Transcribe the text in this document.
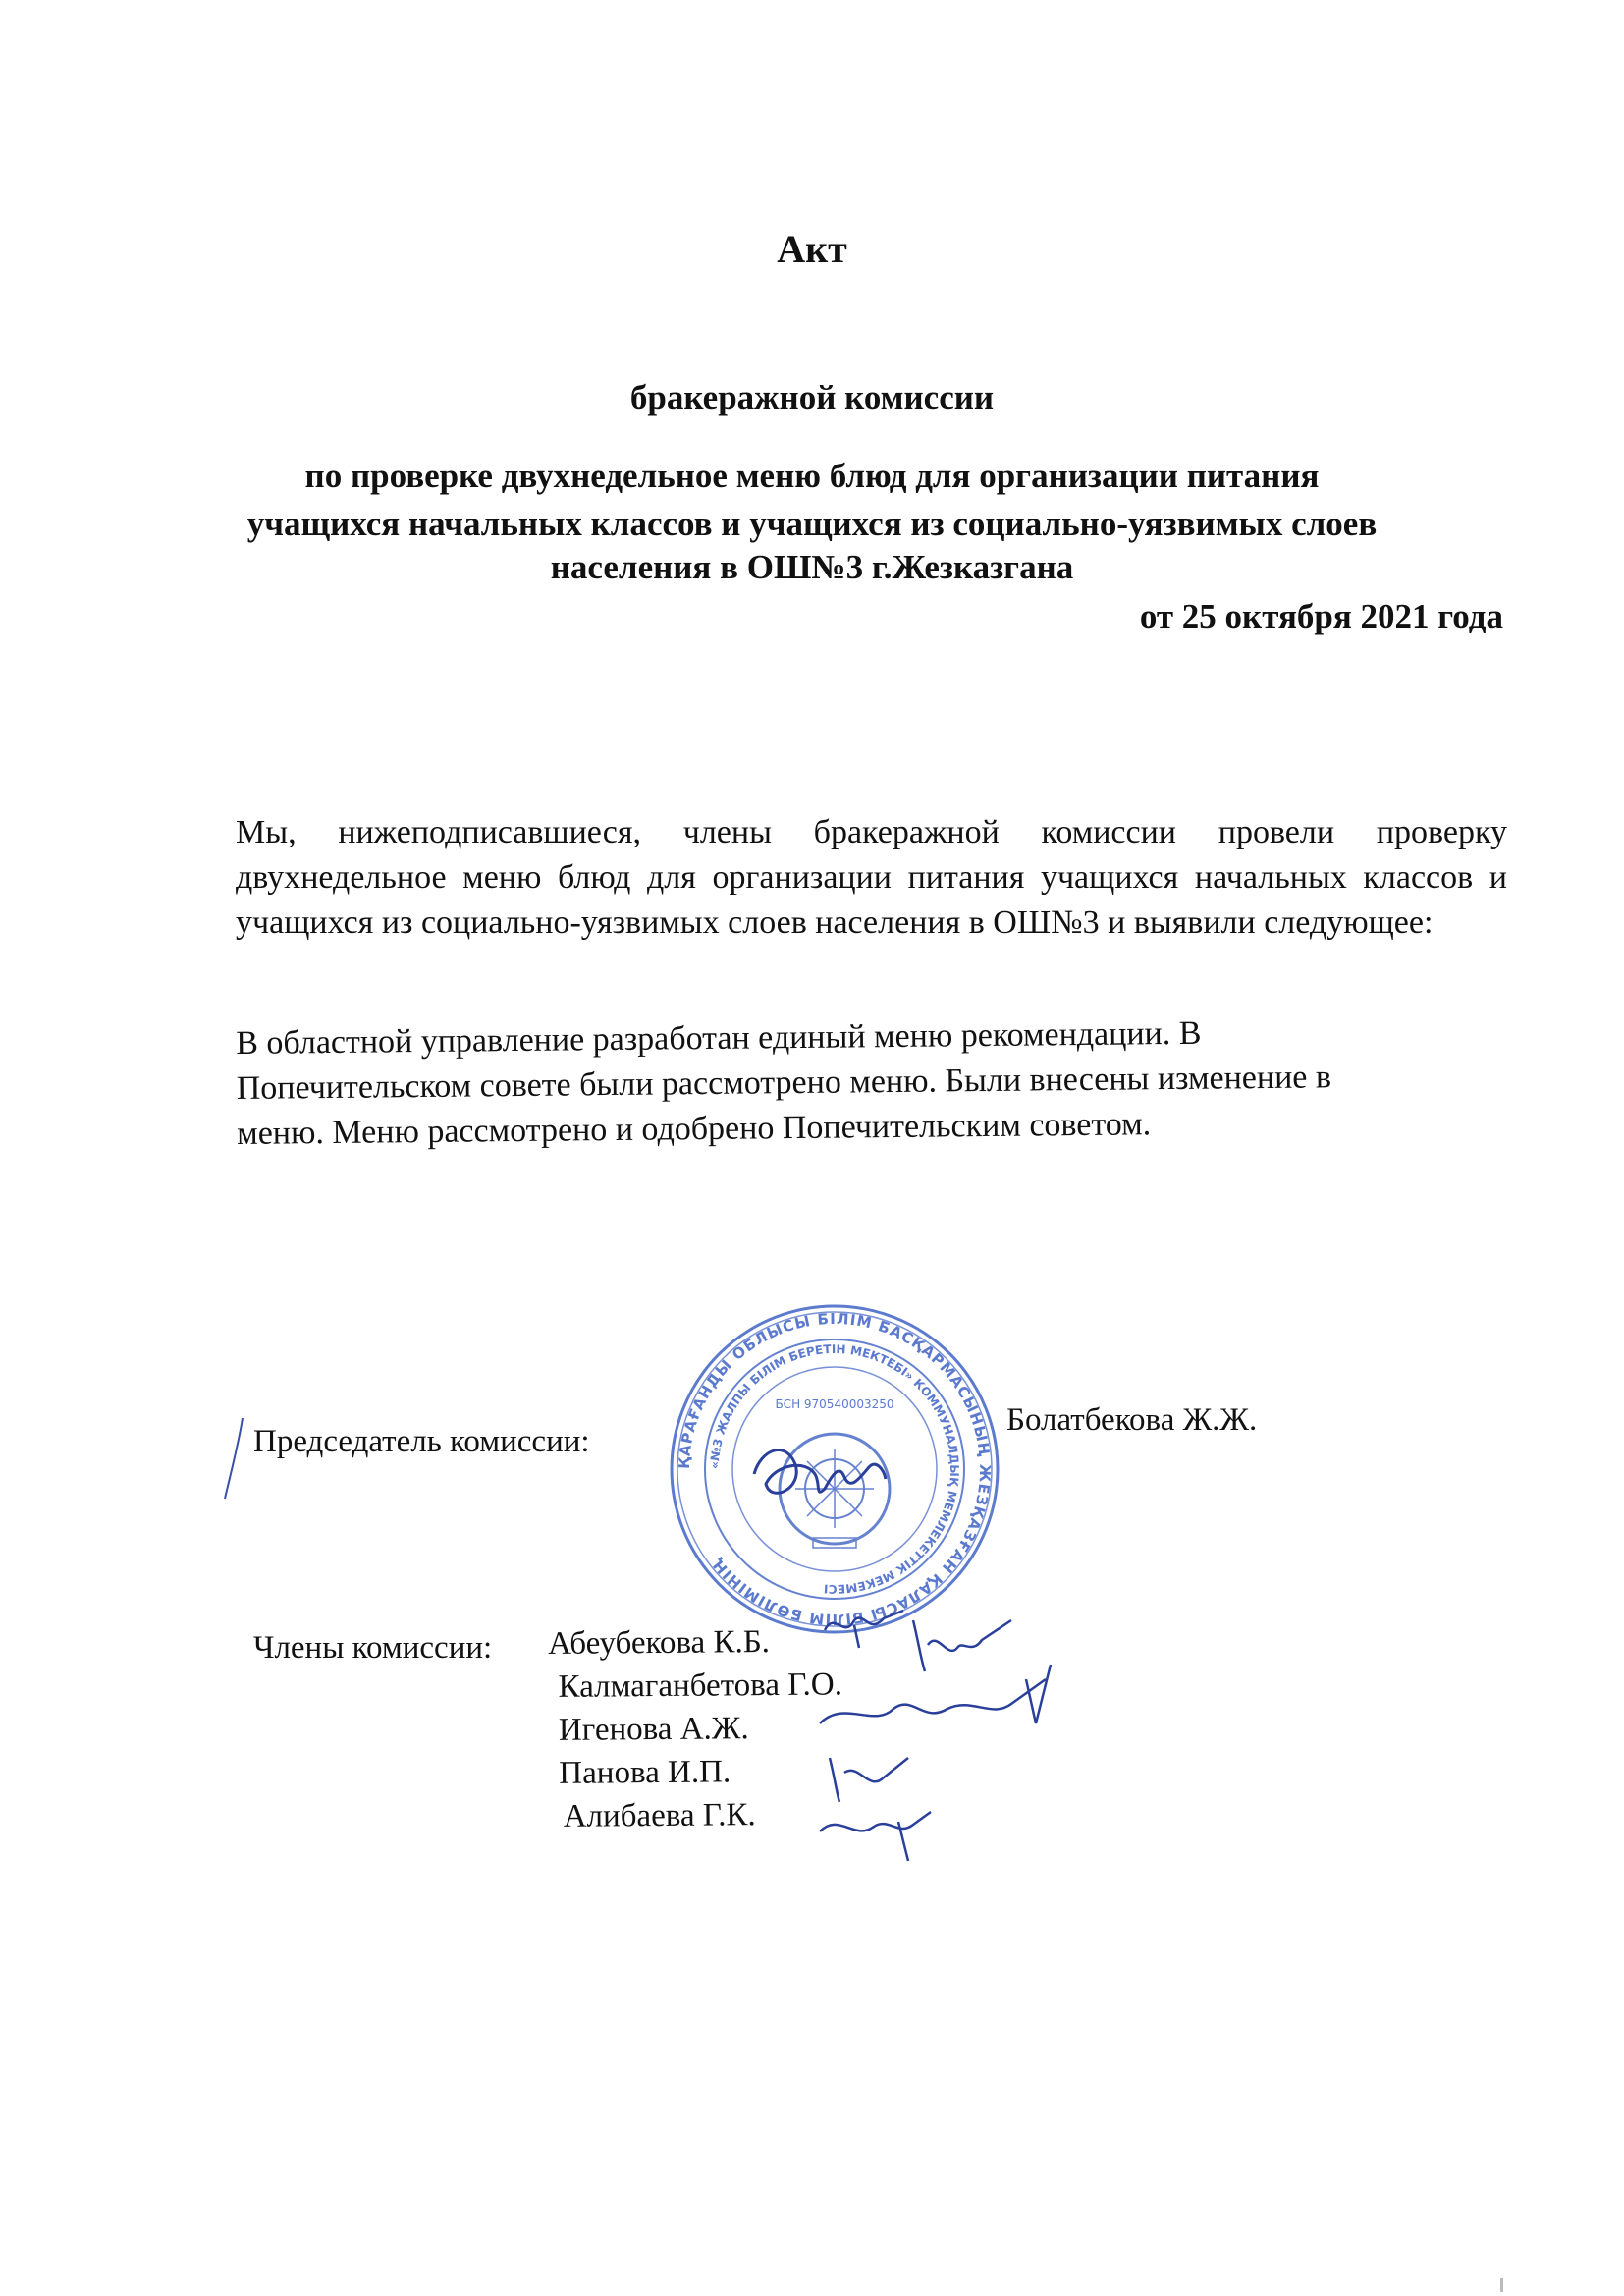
Акт
бракеражной комиссии
по проверке двухнедельное меню блюд для организации питания
учащихся начальных классов и учащихся из социально-уязвимых слоев
населения в ОШ№3 г.Жезказгана
от 25 октября 2021 года
Мы, нижеподписавшиеся, члены бракеражной комиссии провели проверку двухнедельное меню блюд для организации питания учащихся начальных классов и учащихся из социально-уязвимых слоев населения в ОШ№3 и выявили следующее:
В областной управление разработан единый меню рекомендации. В
Попечительском совете были рассмотрено меню. Были внесены изменение в
меню. Меню рассмотрено и одобрено Попечительским советом.
Председатель комиссии:
Болатбекова Ж.Ж.
ҚАРАҒАНДЫ ОБЛЫСЫ БІЛІМ БАСҚАРМАСЫНЫҢ ЖЕЗҚАЗҒАН ҚАЛАСЫ БІЛІМ БӨЛІМІНІҢ
«№3 ЖАЛПЫ БІЛІМ БЕРЕТІН МЕКТЕБІ» КОММУНАЛДЫҚ МЕМЛЕКЕТТІК МЕКЕМЕСІ
БСН 970540003250
Члены комиссии: Абеубекова К.Б.
Калмаганбетова Г.О.
Игенова А.Ж.
Панова И.П.
Алибаева Г.К.
